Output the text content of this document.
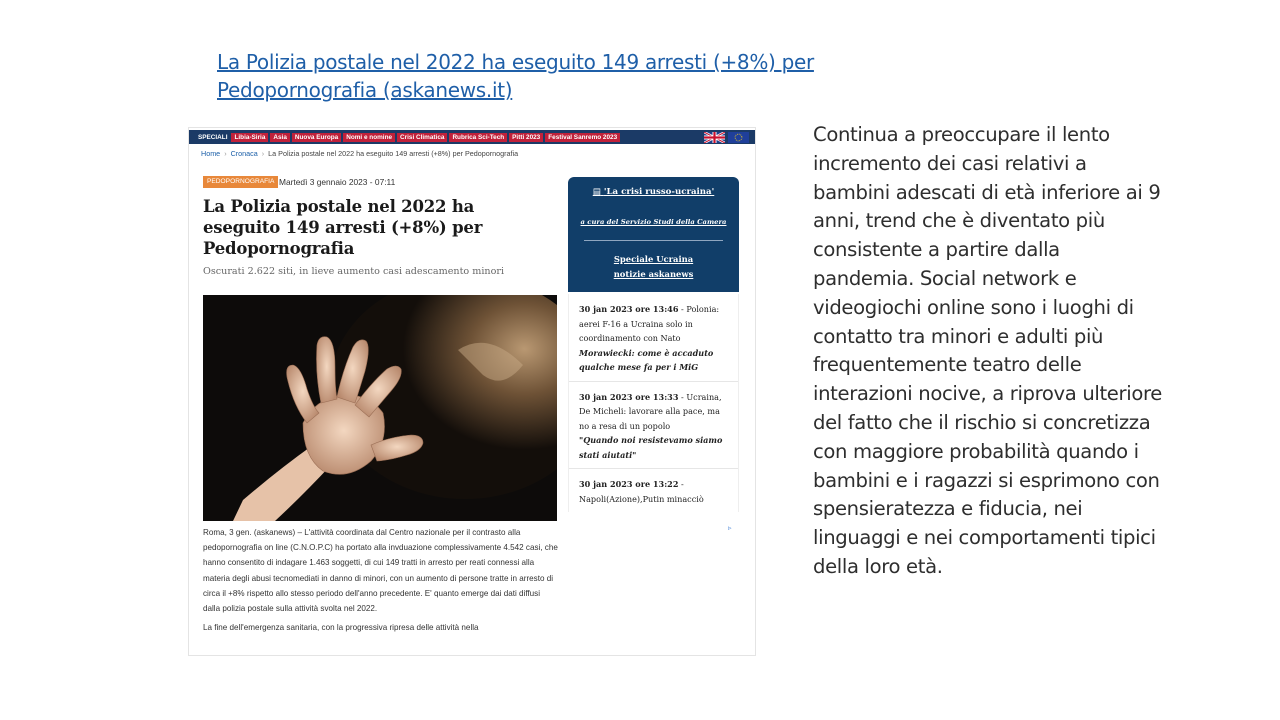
La Polizia postale nel 2022 ha eseguito 149 arresti (+8%) per
Pedopornografia (askanews.it)
SPECIALI	Libia-Siria	Asia	Nuova Europa	Nomi e nomine	Crisi Climatica	Rubrica Sci-Tech	Pitti 2023	Festival Sanremo 2023
Home › Cronaca › La Polizia postale nel 2022 ha eseguito 149 arresti (+8%) per Pedopornografia
PEDOPORNOGRAFIA Martedì 3 gennaio 2023 - 07:11
La Polizia postale nel 2022 ha eseguito 149 arresti (+8%) per Pedopornografia
Oscurati 2.622 siti, in lieve aumento casi adescamento minori

Roma, 3 gen. (askanews) – L'attività coordinata dal Centro nazionale per il contrasto alla pedopornografia on line (C.N.O.P.C) ha portato alla invduazione complessivamente 4.542 casi, che hanno consentito di indagare 1.463 soggetti, di cui 149 tratti in arresto per reati connessi alla materia degli abusi tecnomediati in danno di minori, con un aumento di persone tratte in arresto di circa il +8% rispetto allo stesso periodo dell'anno precedente. E' quanto emerge dai dati diffusi dalla polizia postale sulla attività svolta nel 2022.

La fine dell'emergenza sanitaria, con la progressiva ripresa delle attività nella

▹
▤ 'La crisi russo-ucraina'
a cura del Servizio Studi della Camera
Speciale Ucraina
notizie askanews
30 jan 2023 ore 13:46 - Polonia: aerei F-16 a Ucraina solo in coordinamento con Nato
Morawiecki: come è accaduto qualche mese fa per i MiG
30 jan 2023 ore 13:33 - Ucraina, De Micheli: lavorare alla pace, ma no a resa di un popolo
"Quando noi resistevamo siamo stati aiutati"
30 jan 2023 ore 13:22 - Napoli(Azione),Putin minacciò
Continua a preoccupare il lento incremento dei casi relativi a bambini adescati di età inferiore ai 9 anni, trend che è diventato più consistente a partire dalla pandemia. Social network e videogiochi online sono i luoghi di contatto tra minori e adulti più frequentemente teatro delle interazioni nocive, a riprova ulteriore del fatto che il rischio si concretizza con maggiore probabilità quando i bambini e i ragazzi si esprimono con spensieratezza e fiducia, nei linguaggi e nei comportamenti tipici della loro età.
